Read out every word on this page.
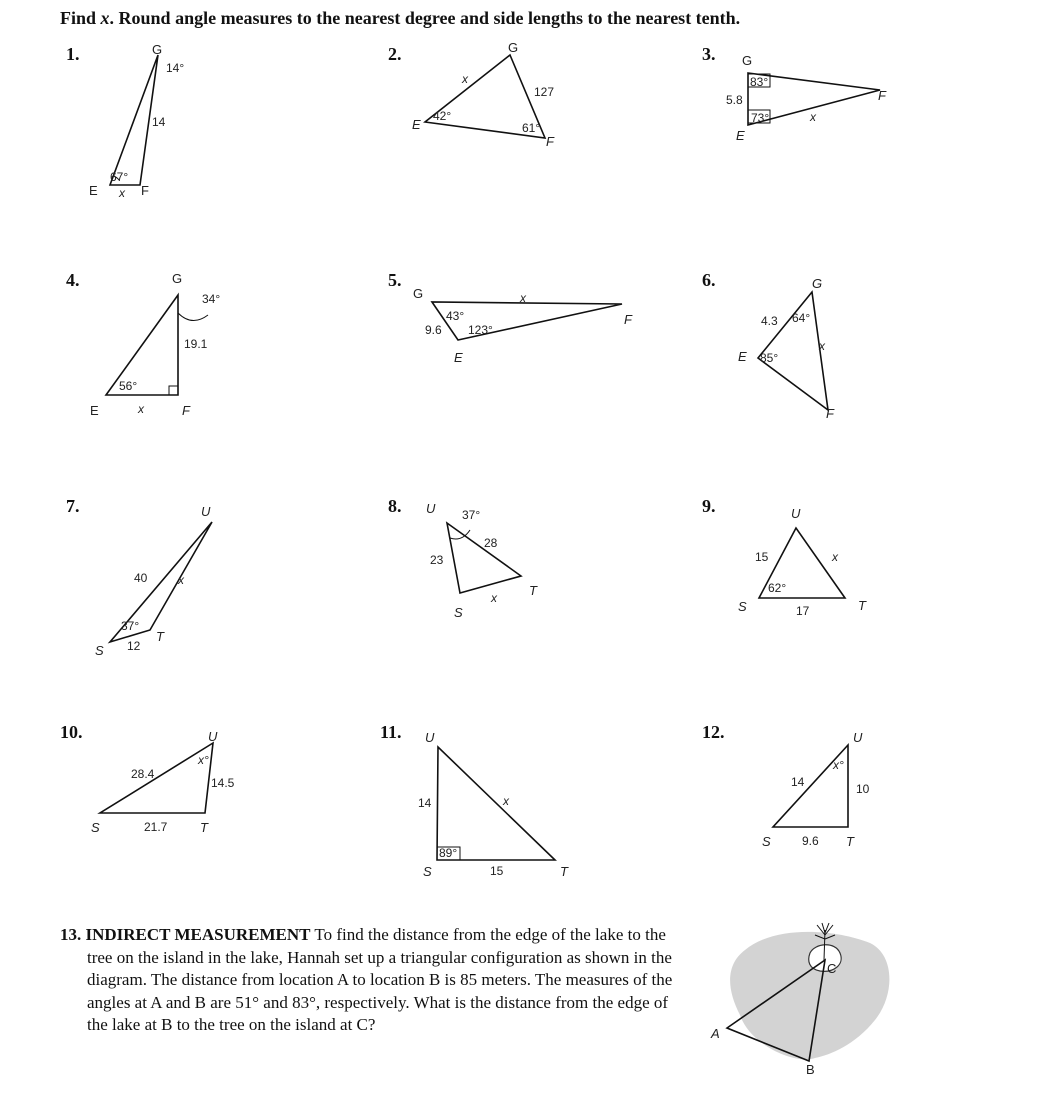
Find x. Round angle measures to the nearest degree and side lengths to the nearest tenth.
1.	G
14°
14
67°
E x F
2.	G
x
127
42°
E	61°
F
3. G
83°
5.8
73°
E
x
F
4.	G
34°
19.1
56°
E	x	F
5.
G
43°
9.6 123°
E
x
F
6.	G
4.3 64°
E 85°
x
F
7.	U
40	x
37°
T
S 12
8. U 37°
28
23
x T
S
9.	U
15	x
62°
S	17	T
10.	U
x°
28.4
14.5
S	21.7	T
11. U
14	x
89°
S	15	T
12.	U
x°
14	10
S	9.6 T

13. INDIRECT MEASUREMENT To find the distance from the edge of the lake to the tree on the island in the lake, Hannah set up a triangular configuration as shown in the diagram. The distance from location A to location B is 85 meters. The measures of the angles at A and B are 51° and 83°, respectively. What is the distance from the edge of the lake at B to the tree on the island at C?

C
A
B
